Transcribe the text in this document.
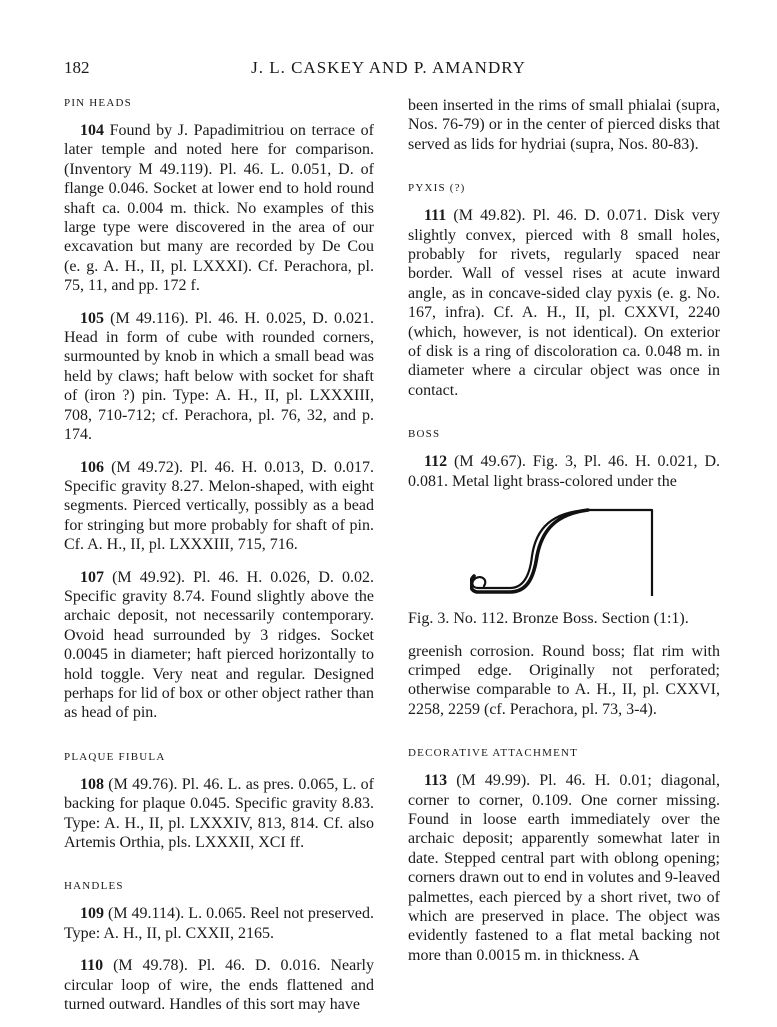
182	J. L. CASKEY AND P. AMANDRY
PIN HEADS

104 Found by J. Papadimitriou on terrace of later temple and noted here for comparison. (Inventory M 49.119). Pl. 46. L. 0.051, D. of flange 0.046. Socket at lower end to hold round shaft ca. 0.004 m. thick. No examples of this large type were discovered in the area of our excavation but many are recorded by De Cou (e. g. A. H., II, pl. LXXXI). Cf. Perachora, pl. 75, 11, and pp. 172 f.

105 (M 49.116). Pl. 46. H. 0.025, D. 0.021. Head in form of cube with rounded corners, surmounted by knob in which a small bead was held by claws; haft below with socket for shaft of (iron ?) pin. Type: A. H., II, pl. LXXXIII, 708, 710-712; cf. Perachora, pl. 76, 32, and p. 174.

106 (M 49.72). Pl. 46. H. 0.013, D. 0.017. Specific gravity 8.27. Melon-shaped, with eight segments. Pierced vertically, possibly as a bead for stringing but more probably for shaft of pin. Cf. A. H., II, pl. LXXXIII, 715, 716.

107 (M 49.92). Pl. 46. H. 0.026, D. 0.02. Specific gravity 8.74. Found slightly above the archaic deposit, not necessarily contemporary. Ovoid head surrounded by 3 ridges. Socket 0.0045 in diameter; haft pierced horizontally to hold toggle. Very neat and regular. Designed perhaps for lid of box or other object rather than as head of pin.

PLAQUE FIBULA

108 (M 49.76). Pl. 46. L. as pres. 0.065, L. of backing for plaque 0.045. Specific gravity 8.83. Type: A. H., II, pl. LXXXIV, 813, 814. Cf. also Artemis Orthia, pls. LXXXII, XCI ff.

HANDLES

109 (M 49.114). L. 0.065. Reel not preserved. Type: A. H., II, pl. CXXII, 2165.

110 (M 49.78). Pl. 46. D. 0.016. Nearly circular loop of wire, the ends flattened and turned outward. Handles of this sort may have

been inserted in the rims of small phialai (supra, Nos. 76-79) or in the center of pierced disks that served as lids for hydriai (supra, Nos. 80-83).

PYXIS (?)

111 (M 49.82). Pl. 46. D. 0.071. Disk very slightly convex, pierced with 8 small holes, probably for rivets, regularly spaced near border. Wall of vessel rises at acute inward angle, as in concave-sided clay pyxis (e. g. No. 167, infra). Cf. A. H., II, pl. CXXVI, 2240 (which, however, is not identical). On exterior of disk is a ring of discoloration ca. 0.048 m. in diameter where a circular object was once in contact.

BOSS

112 (M 49.67). Fig. 3, Pl. 46. H. 0.021, D. 0.081. Metal light brass-colored under the

Fig. 3. No. 112. Bronze Boss. Section (1:1).

greenish corrosion. Round boss; flat rim with crimped edge. Originally not perforated; otherwise comparable to A. H., II, pl. CXXVI, 2258, 2259 (cf. Perachora, pl. 73, 3-4).

DECORATIVE ATTACHMENT

113 (M 49.99). Pl. 46. H. 0.01; diagonal, corner to corner, 0.109. One corner missing. Found in loose earth immediately over the archaic deposit; apparently somewhat later in date. Stepped central part with oblong opening; corners drawn out to end in volutes and 9-leaved palmettes, each pierced by a short rivet, two of which are preserved in place. The object was evidently fastened to a flat metal backing not more than 0.0015 m. in thickness. A
